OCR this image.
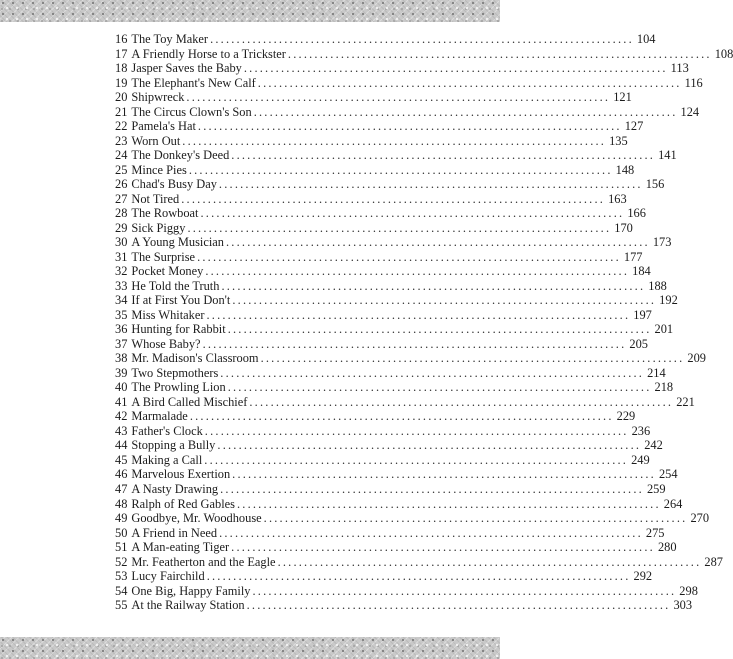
16 The Toy Maker ................................................................................ 104
17 A Friendly Horse to a Trickster ................................................................................ 108
18 Jasper Saves the Baby ................................................................................ 113
19 The Elephant's New Calf ................................................................................ 116
20 Shipwreck ................................................................................ 121
21 The Circus Clown's Son ................................................................................ 124
22 Pamela's Hat ................................................................................ 127
23 Worn Out ................................................................................ 135
24 The Donkey's Deed ................................................................................ 141
25 Mince Pies ................................................................................ 148
26 Chad's Busy Day ................................................................................ 156
27 Not Tired ................................................................................ 163
28 The Rowboat ................................................................................ 166
29 Sick Piggy ................................................................................ 170
30 A Young Musician ................................................................................ 173
31 The Surprise ................................................................................ 177
32 Pocket Money ................................................................................ 184
33 He Told the Truth ................................................................................ 188
34 If at First You Don't ................................................................................ 192
35 Miss Whitaker ................................................................................ 197
36 Hunting for Rabbit ................................................................................ 201
37 Whose Baby? ................................................................................ 205
38 Mr. Madison's Classroom ................................................................................ 209
39 Two Stepmothers ................................................................................ 214
40 The Prowling Lion ................................................................................ 218
41 A Bird Called Mischief ................................................................................ 221
42 Marmalade ................................................................................ 229
43 Father's Clock ................................................................................ 236
44 Stopping a Bully ................................................................................ 242
45 Making a Call ................................................................................ 249
46 Marvelous Exertion ................................................................................ 254
47 A Nasty Drawing ................................................................................ 259
48 Ralph of Red Gables ................................................................................ 264
49 Goodbye, Mr. Woodhouse ................................................................................ 270
50 A Friend in Need ................................................................................ 275
51 A Man-eating Tiger ................................................................................ 280
52 Mr. Featherton and the Eagle ................................................................................ 287
53 Lucy Fairchild ................................................................................ 292
54 One Big, Happy Family ................................................................................ 298
55 At the Railway Station ................................................................................ 303
